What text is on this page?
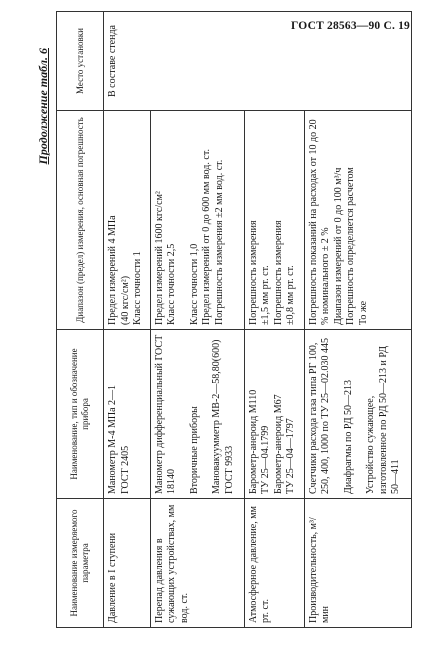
ГОСТ 28563—90 С. 19
Продолжение табл. 6
Наименование измеряемого параметра	Наименование, тип и обозначение прибора	Диапазон (предел) измерения, основная погрешность	Место установки

Давление в I ступени	Манометр М-4 МПа 2—1 ГОСТ 2405	Предел измерений 4 МПа (40 кгс/см²) Класс точности 1	В составе стенда

Перепад давления в сужающих устройствах, мм вод. ст.	Манометр дифференциальный ГОСТ 18140 Вторичные приборы Мановакуумметр МВ-2—58,80(600) ГОСТ 9933	Предел измерений 1600 кгс/см² Класс точности 2,5 Класс точности 1,0 Предел измерений от 0 до 600 мм вод. ст. Погрешность измерения ±2 мм вод. ст.	

Атмосферное давление, мм рт. ст.	Барометр-анероид М110 ТУ 25—04.1799 Барометр-анероид М67 ТУ 25—04—1797	Погрешность измерения ±1,5 мм рт. ст. Погрешность измерения ±0,8 мм рт. ст.	

Производительность, м³/мин	Счетчики расхода газа типа РГ 100, 250, 400, 1000 по ТУ 25—02.030 445 Диафрагмы по РД 50—213 Устройство сужающее, изготовленное по РД 50—213 и РД 50—411	Погрешность показаний на расходах от 10 до 20 % номинального ± 2 % Диапазон измерений от 0 до 100 м³/ч Погрешность определяется расчетом То же	
